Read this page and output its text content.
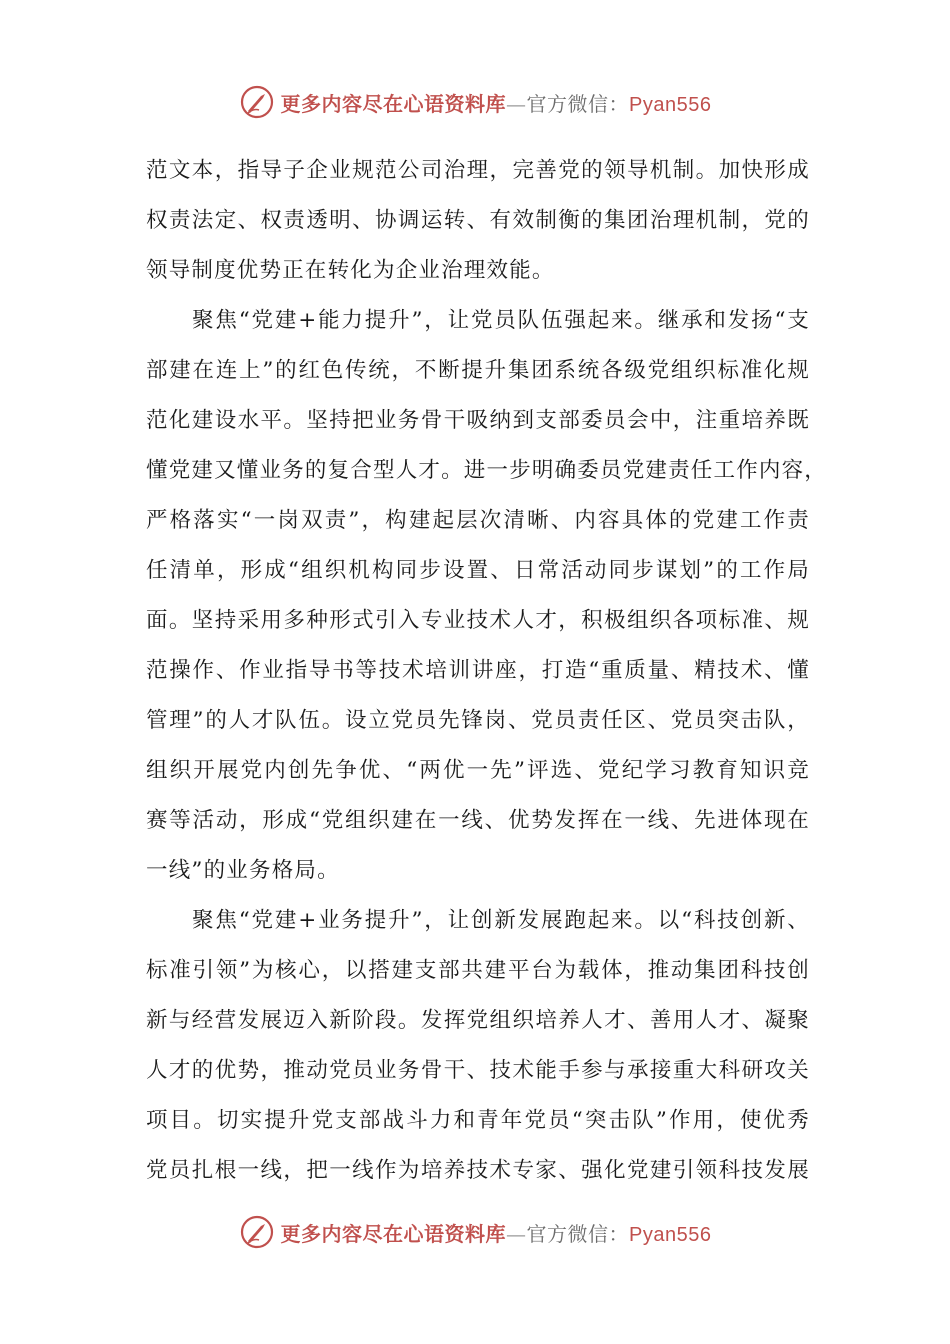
更多内容尽在心语资料库—官方微信：Pyan556
范文本，指导子企业规范公司治理，完善党的领导机制。加快形成
权责法定、权责透明、协调运转、有效制衡的集团治理机制，党的
领导制度优势正在转化为企业治理效能。
聚焦“党建+能力提升”，让党员队伍强起来。继承和发扬“支
部建在连上”的红色传统，不断提升集团系统各级党组织标准化规
范化建设水平。坚持把业务骨干吸纳到支部委员会中，注重培养既
懂党建又懂业务的复合型人才。进一步明确委员党建责任工作内容，
严格落实“一岗双责”，构建起层次清晰、内容具体的党建工作责
任清单，形成“组织机构同步设置、日常活动同步谋划”的工作局
面。坚持采用多种形式引入专业技术人才，积极组织各项标准、规
范操作、作业指导书等技术培训讲座，打造“重质量、精技术、懂
管理”的人才队伍。设立党员先锋岗、党员责任区、党员突击队，
组织开展党内创先争优、“两优一先”评选、党纪学习教育知识竞
赛等活动，形成“党组织建在一线、优势发挥在一线、先进体现在
一线”的业务格局。
聚焦“党建+业务提升”，让创新发展跑起来。以“科技创新、
标准引领”为核心，以搭建支部共建平台为载体，推动集团科技创
新与经营发展迈入新阶段。发挥党组织培养人才、善用人才、凝聚
人才的优势，推动党员业务骨干、技术能手参与承接重大科研攻关
项目。切实提升党支部战斗力和青年党员“突击队”作用，使优秀
党员扎根一线，把一线作为培养技术专家、强化党建引领科技发展
更多内容尽在心语资料库—官方微信：Pyan556
